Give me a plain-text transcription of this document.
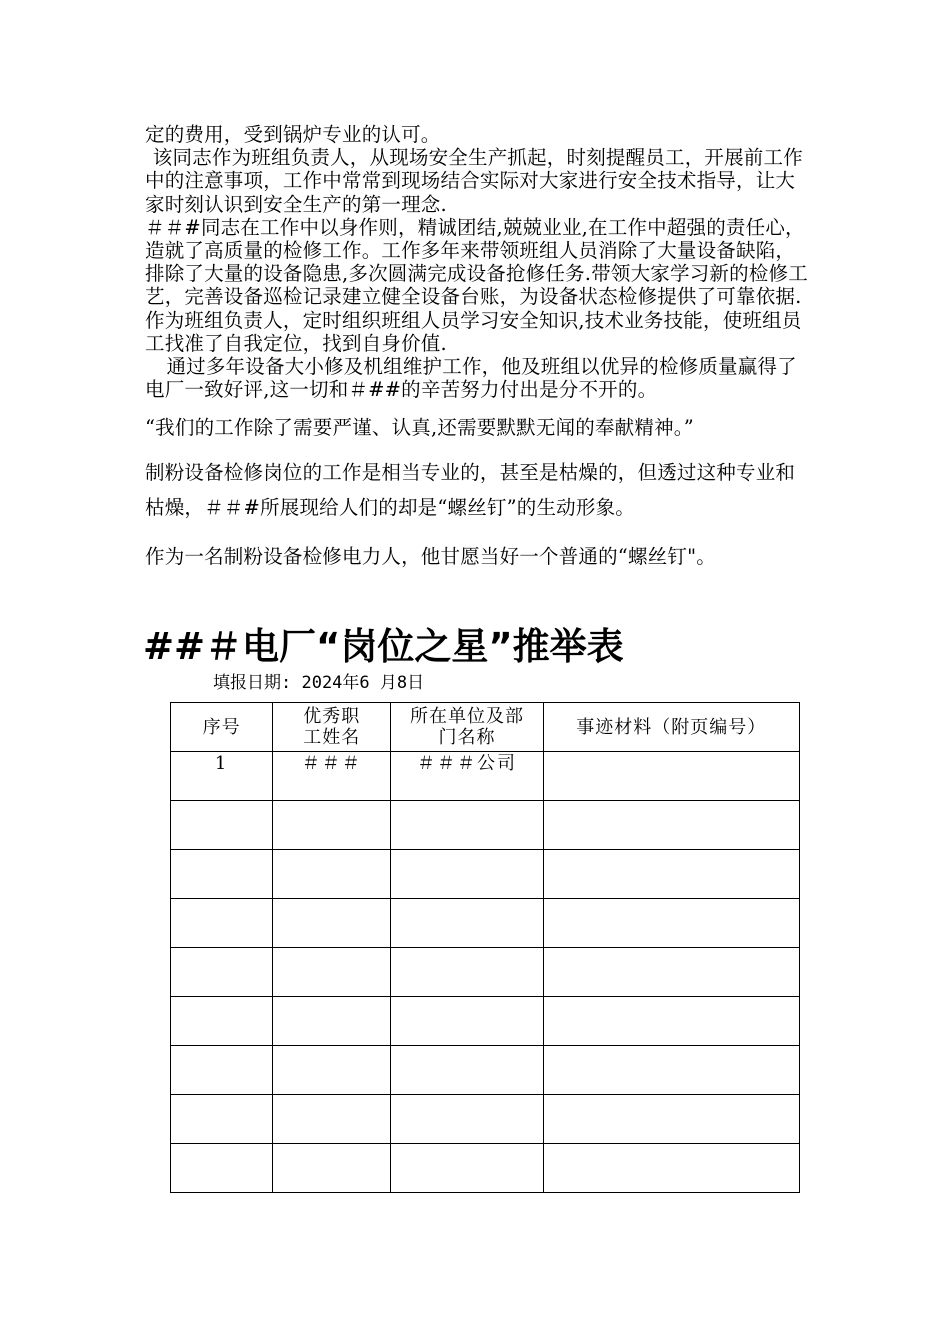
定的费用，受到锅炉专业的认可。

该同志作为班组负责人，从现场安全生产抓起，时刻提醒员工，开展前工作中的注意事项，工作中常常到现场结合实际对大家进行安全技术指导，让大家时刻认识到安全生产的第一理念.

＃＃#同志在工作中以身作则，精诚团结,兢兢业业,在工作中超强的责任心，造就了高质量的检修工作。工作多年来带领班组人员消除了大量设备缺陷，排除了大量的设备隐患,多次圆满完成设备抢修任务.带领大家学习新的检修工艺，完善设备巡检记录建立健全设备台账，为设备状态检修提供了可靠依据.作为班组负责人，定时组织班组人员学习安全知识,技术业务技能，使班组员工找准了自我定位，找到自身价值.

通过多年设备大小修及机组维护工作，他及班组以优异的检修质量赢得了电厂一致好评,这一切和＃##的辛苦努力付出是分不开的。

“我们的工作除了需要严谨、认真,还需要默默无闻的奉献精神。”

制粉设备检修岗位的工作是相当专业的，甚至是枯燥的，但透过这种专业和枯燥，＃＃#所展现给人们的却是“螺丝钉”的生动形象。

作为一名制粉设备检修电力人，他甘愿当好一个普通的“螺丝钉"。

##＃电厂“岗位之星”推举表
填报日期: 2024年6 月8日
序号	优秀职工姓名	所在单位及部门名称	事迹材料（附页编号）
1	＃＃＃	＃＃＃公司	
